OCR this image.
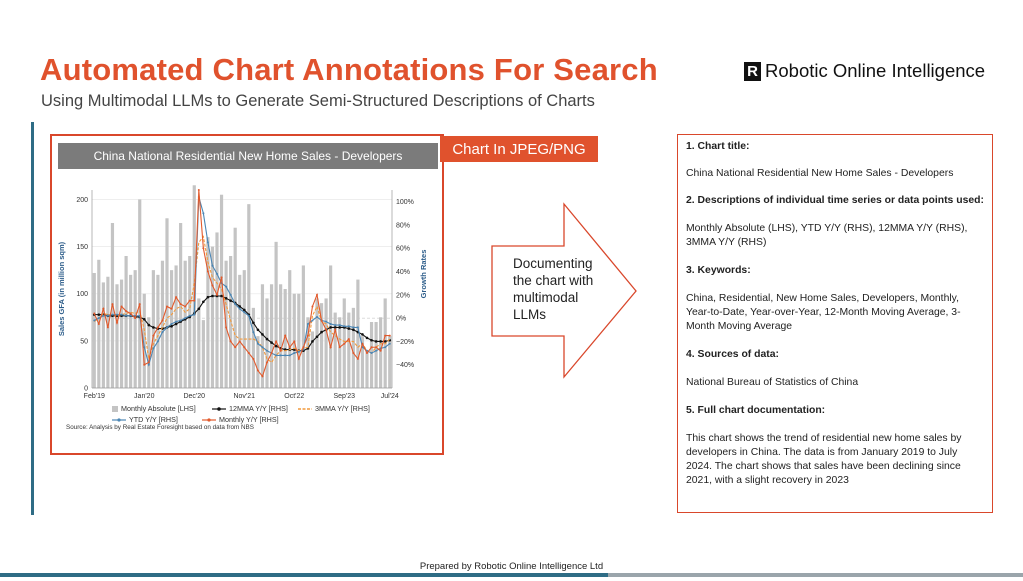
Automated Chart Annotations For Search
Using Multimodal LLMs to Generate Semi-Structured Descriptions of Charts
R Robotic Online Intelligence
China National Residential New Home Sales - Developers
0
50
100
150
200	100%
80%
60%
40%
20%
0%
−20%
−40%
Feb'19	Jan'20	Dec'20	Nov'21	Oct'22	Sep'23	Jul'24
Sales GFA (in million sqm)	Growth Rates
Monthly Absolute [LHS]	12MMA Y/Y [RHS]	3MMA Y/Y [RHS]
YTD Y/Y [RHS]	Monthly Y/Y [RHS]
Source: Analysis by Real Estate Foresight based on data from NBS
Chart In JPEG/PNG
Documenting the chart with multimodal LLMs
1. Chart title:
China National Residential New Home Sales - Developers
2. Descriptions of individual time series or data points used:
Monthly Absolute (LHS), YTD Y/Y (RHS), 12MMA Y/Y (RHS), 3MMA Y/Y (RHS)
3. Keywords:
China, Residential, New Home Sales, Developers, Monthly, Year-to-Date, Year-over-Year, 12-Month Moving Average, 3-Month Moving Average
4. Sources of data:
National Bureau of Statistics of China
5. Full chart documentation:
This chart shows the trend of residential new home sales by developers in China. The data is from January 2019 to July 2024. The chart shows that sales have been declining since 2021, with a slight recovery in 2023
Prepared by Robotic Online Intelligence Ltd
